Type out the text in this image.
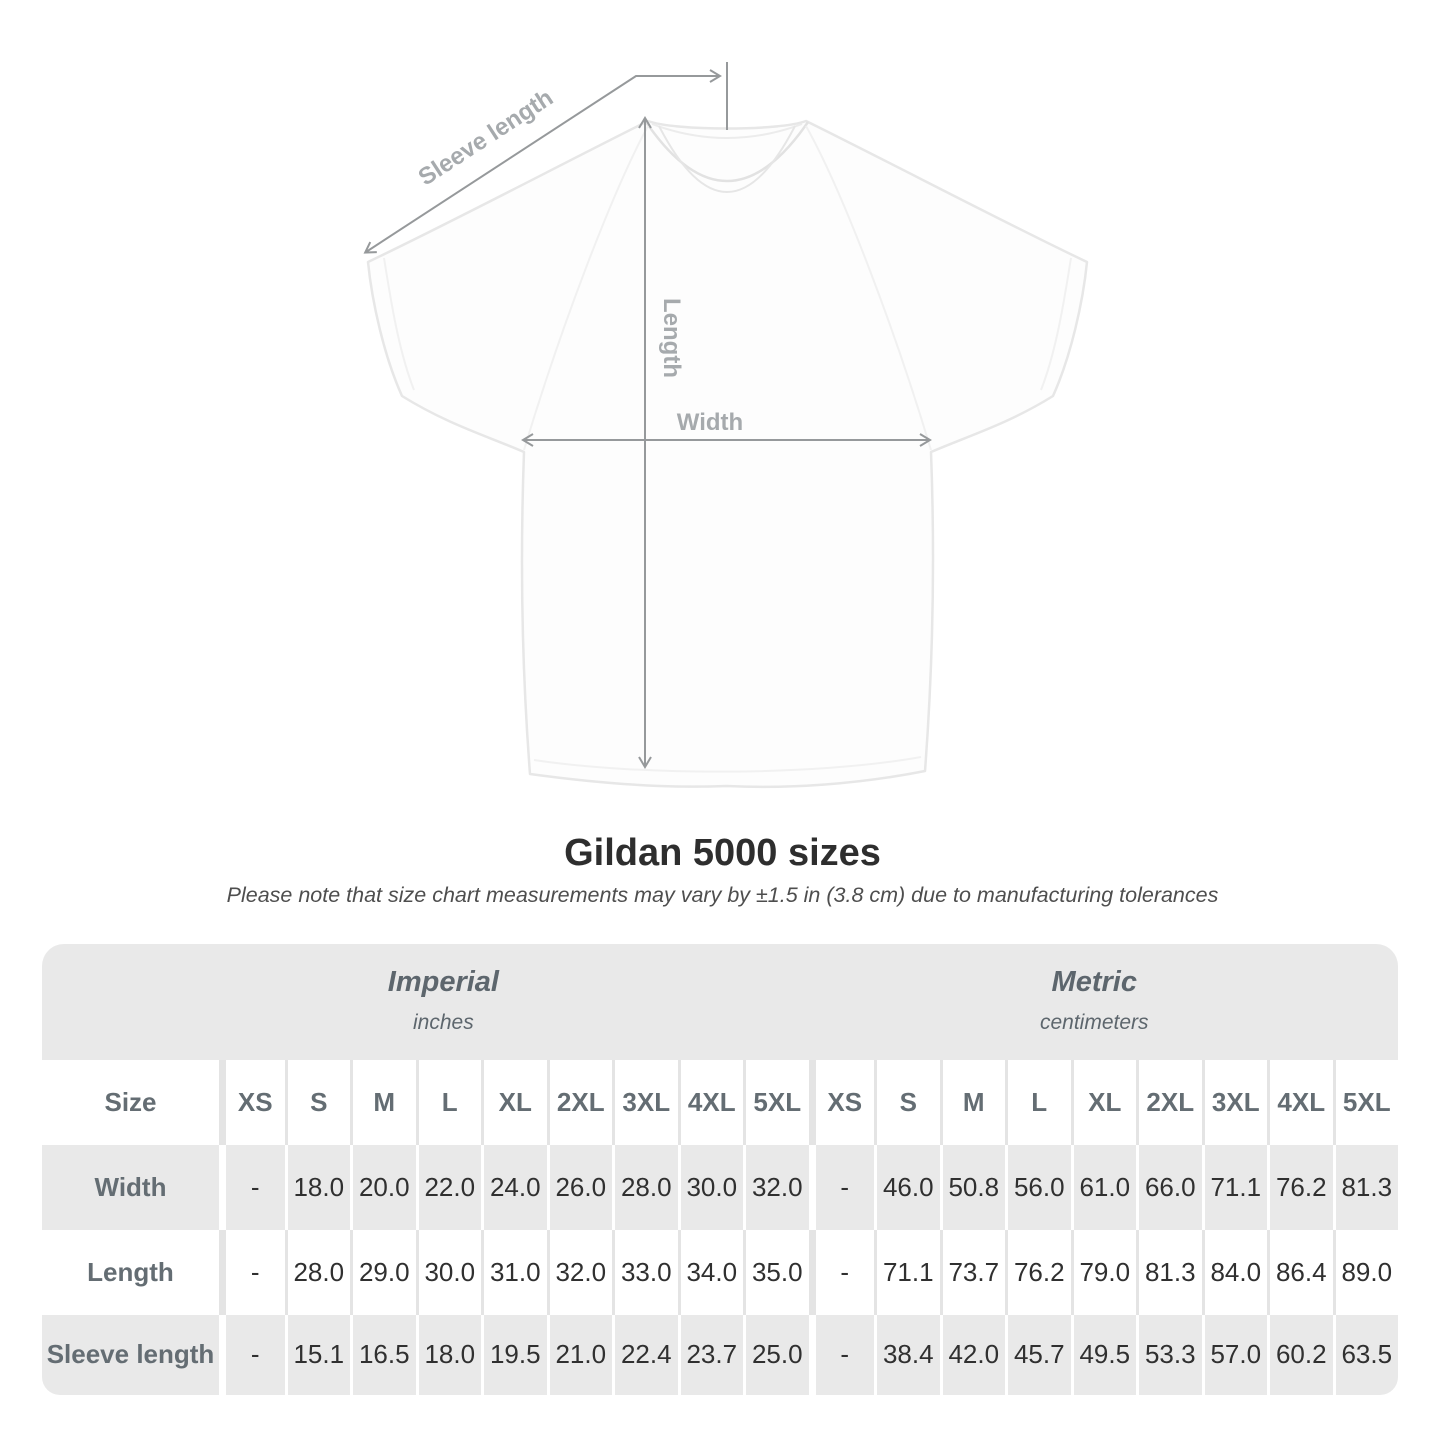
Sleeve length
Length
Width
Gildan 5000 sizes

Please note that size chart measurements may vary by ±1.5 in (3.8 cm) due to manufacturing tolerances

Imperial
inches
Metric
centimeters
Size	XS	S	M	L	XL 2XL 3XL 4XL 5XL	XS	S	M	L	XL 2XL 3XL 4XL 5XL
Width	-	18.0 20.0 22.0 24.0 26.0 28.0 30.0 32.0	-	46.0 50.8 56.0 61.0 66.0 71.1 76.2 81.3
Length	-	28.0 29.0 30.0 31.0 32.0 33.0 34.0 35.0	-	71.1 73.7 76.2 79.0 81.3 84.0 86.4 89.0
Sleeve length	-	15.1 16.5 18.0 19.5 21.0 22.4 23.7 25.0	-	38.4 42.0 45.7 49.5 53.3 57.0 60.2 63.5
